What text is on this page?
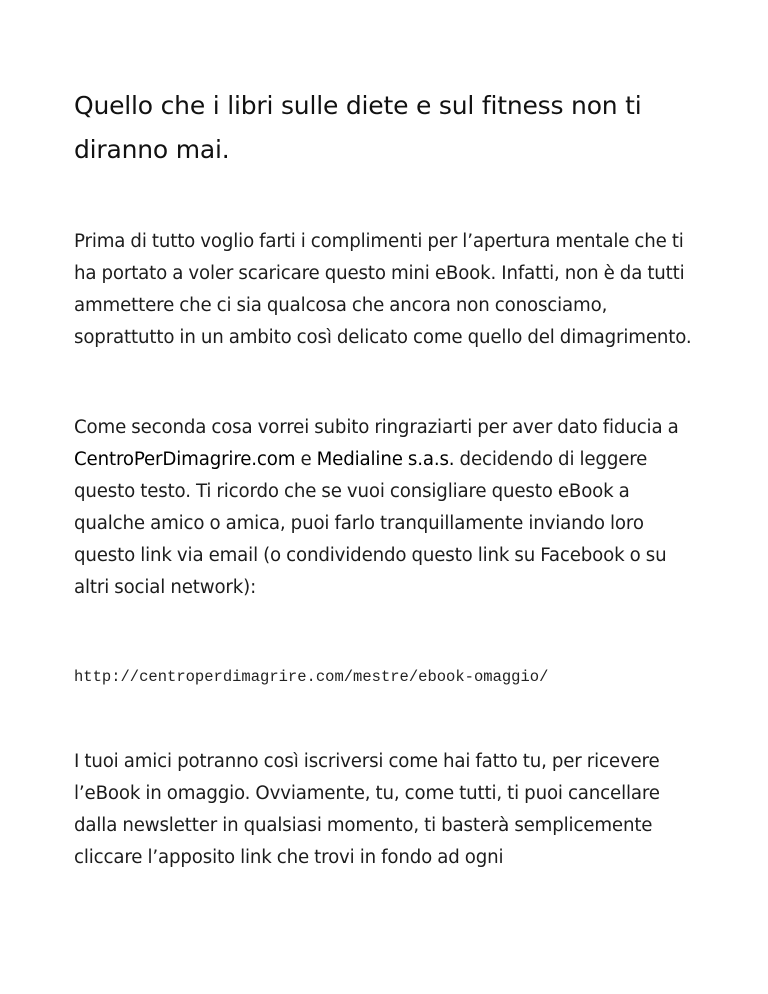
Quello che i libri sulle diete e sul fitness non ti diranno mai.

Prima di tutto voglio farti i complimenti per l’apertura mentale che ti ha portato a voler scaricare questo mini eBook. Infatti, non è da tutti ammettere che ci sia qualcosa che ancora non conosciamo, soprattutto in un ambito così delicato come quello del dimagrimento.

Come seconda cosa vorrei subito ringraziarti per aver dato fiducia a CentroPerDimagrire.com e Medialine s.a.s. decidendo di leggere questo testo. Ti ricordo che se vuoi consigliare questo eBook a qualche amico o amica, puoi farlo tranquillamente inviando loro questo link via email (o condividendo questo link su Facebook o su altri social network):

http://centroperdimagrire.com/mestre/ebook-omaggio/

I tuoi amici potranno così iscriversi come hai fatto tu, per ricevere l’eBook in omaggio. Ovviamente, tu, come tutti, ti puoi cancellare dalla newsletter in qualsiasi momento, ti basterà semplicemente cliccare l’apposito link che trovi in fondo ad ogni
